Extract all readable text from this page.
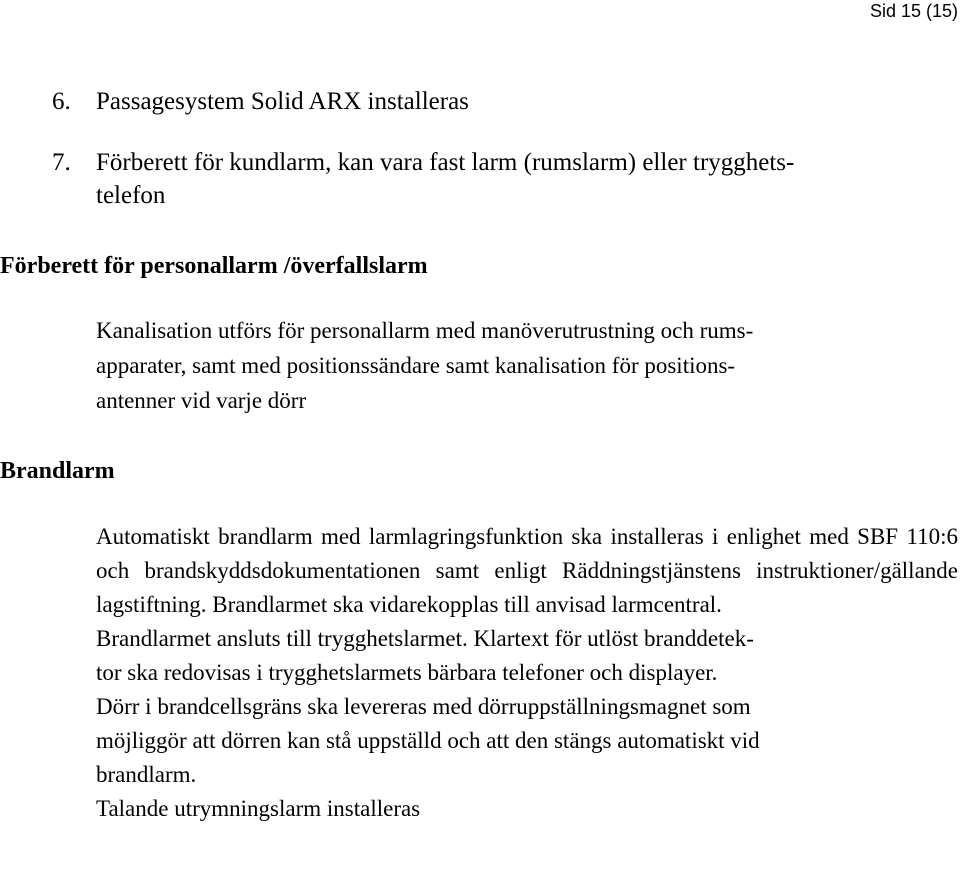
Sid 15 (15)
6. Passagesystem Solid ARX installeras
7. Förberett för kundlarm, kan vara fast larm (rumslarm) eller trygghets-
telefon
Förberett för personallarm /överfallslarm
Kanalisation utförs för personallarm med manöverutrustning och rums-
apparater, samt med positionssändare samt kanalisation för positions-
antenner vid varje dörr
Brandlarm
Automatiskt brandlarm med larmlagringsfunktion ska installeras i enlighet med SBF 110:6 och brandskyddsdokumentationen samt enligt Räddningstjänstens instruktioner/gällande lagstiftning. Brandlarmet ska vidarekopplas till anvisad larmcentral.
Brandlarmet ansluts till trygghetslarmet. Klartext för utlöst branddetek-
tor ska redovisas i trygghetslarmets bärbara telefoner och displayer.
Dörr i brandcellsgräns ska levereras med dörruppställningsmagnet som
möjliggör att dörren kan stå uppställd och att den stängs automatiskt vid
brandlarm.
Talande utrymningslarm installeras
